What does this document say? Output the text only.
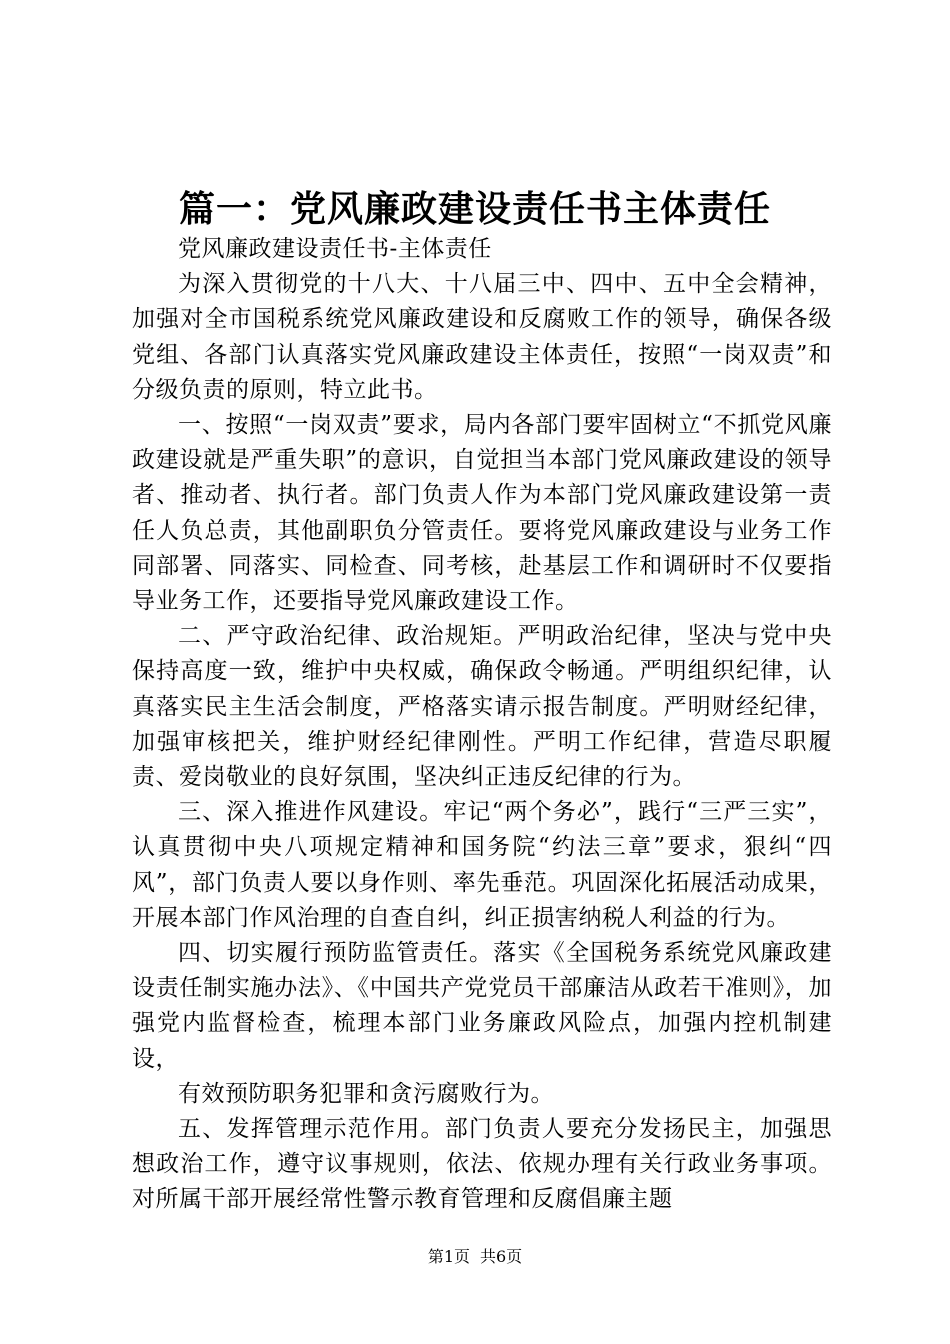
篇一：党风廉政建设责任书主体责任

党风廉政建设责任书-主体责任

为深入贯彻党的十八大、十八届三中、四中、五中全会精神，加强对全市国税系统党风廉政建设和反腐败工作的领导，确保各级党组、各部门认真落实党风廉政建设主体责任，按照“一岗双责”和分级负责的原则，特立此书。

一、按照“一岗双责”要求，局内各部门要牢固树立“不抓党风廉政建设就是严重失职”的意识，自觉担当本部门党风廉政建设的领导者、推动者、执行者。部门负责人作为本部门党风廉政建设第一责任人负总责，其他副职负分管责任。要将党风廉政建设与业务工作同部署、同落实、同检查、同考核，赴基层工作和调研时不仅要指导业务工作，还要指导党风廉政建设工作。

二、严守政治纪律、政治规矩。严明政治纪律，坚决与党中央保持高度一致，维护中央权威，确保政令畅通。严明组织纪律，认真落实民主生活会制度，严格落实请示报告制度。严明财经纪律，加强审核把关，维护财经纪律刚性。严明工作纪律，营造尽职履责、爱岗敬业的良好氛围，坚决纠正违反纪律的行为。

三、深入推进作风建设。牢记“两个务必”，践行“三严三实”，认真贯彻中央八项规定精神和国务院“约法三章”要求，狠纠“四风”，部门负责人要以身作则、率先垂范。巩固深化拓展活动成果，开展本部门作风治理的自查自纠，纠正损害纳税人利益的行为。

四、切实履行预防监管责任。落实《全国税务系统党风廉政建设责任制实施办法》、《中国共产党党员干部廉洁从政若干准则》，加强党内监督检查，梳理本部门业务廉政风险点，加强内控机制建设，

有效预防职务犯罪和贪污腐败行为。

五、发挥管理示范作用。部门负责人要充分发扬民主，加强思想政治工作，遵守议事规则，依法、依规办理有关行政业务事项。对所属干部开展经常性警示教育管理和反腐倡廉主题

第1页 共6页
